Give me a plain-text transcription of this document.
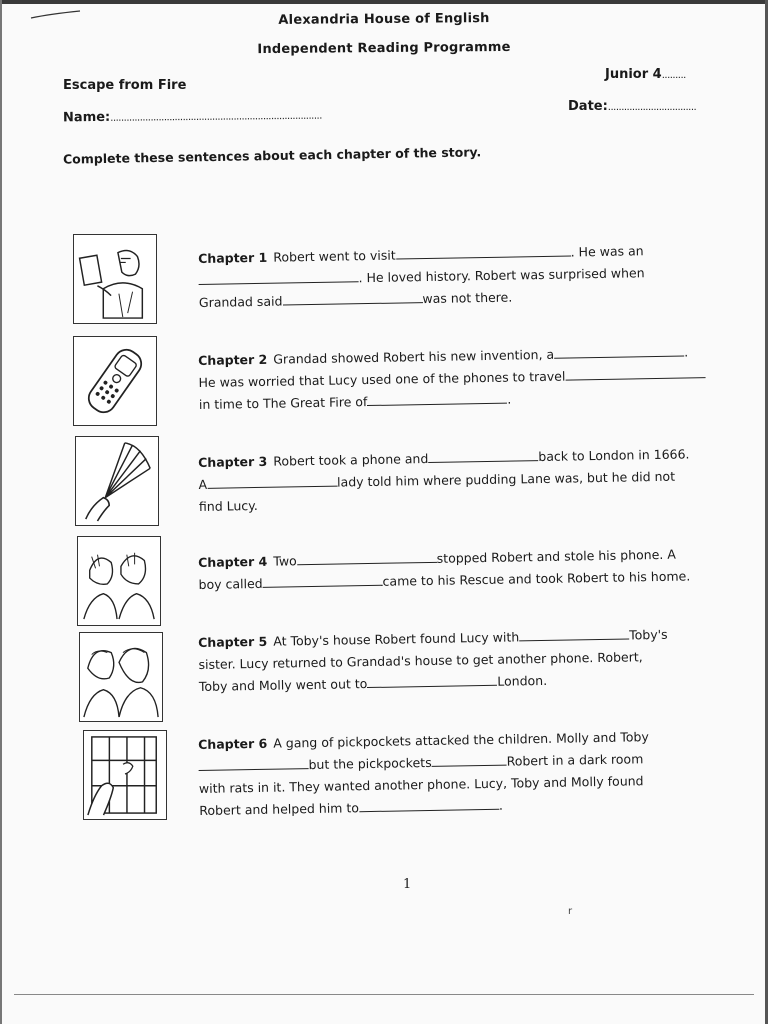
Alexandria House of English
Independent Reading Programme
Escape from Fire
Junior 4.........
Name:...............................................................................
Date:.................................
Complete these sentences about each chapter of the story.
Chapter 1 Robert went to visit	. He was an
. He loved history. Robert was surprised when
Grandad said	was not there.
Chapter 2 Grandad showed Robert his new invention, a	.
He was worried that Lucy used one of the phones to travel
in time to The Great Fire of	.
Chapter 3 Robert took a phone and	back to London in 1666.
A	lady told him where pudding Lane was, but he did not
find Lucy.
Chapter 4 Two	stopped Robert and stole his phone. A
boy called	came to his Rescue and took Robert to his home.
Chapter 5 At Toby's house Robert found Lucy with	Toby's
sister. Lucy returned to Grandad's house to get another phone. Robert,
Toby and Molly went out to	London.
Chapter 6 A gang of pickpockets attacked the children. Molly and Toby
but the pickpockets	Robert in a dark room
with rats in it. They wanted another phone. Lucy, Toby and Molly found
Robert and helped him to	.
1
r
